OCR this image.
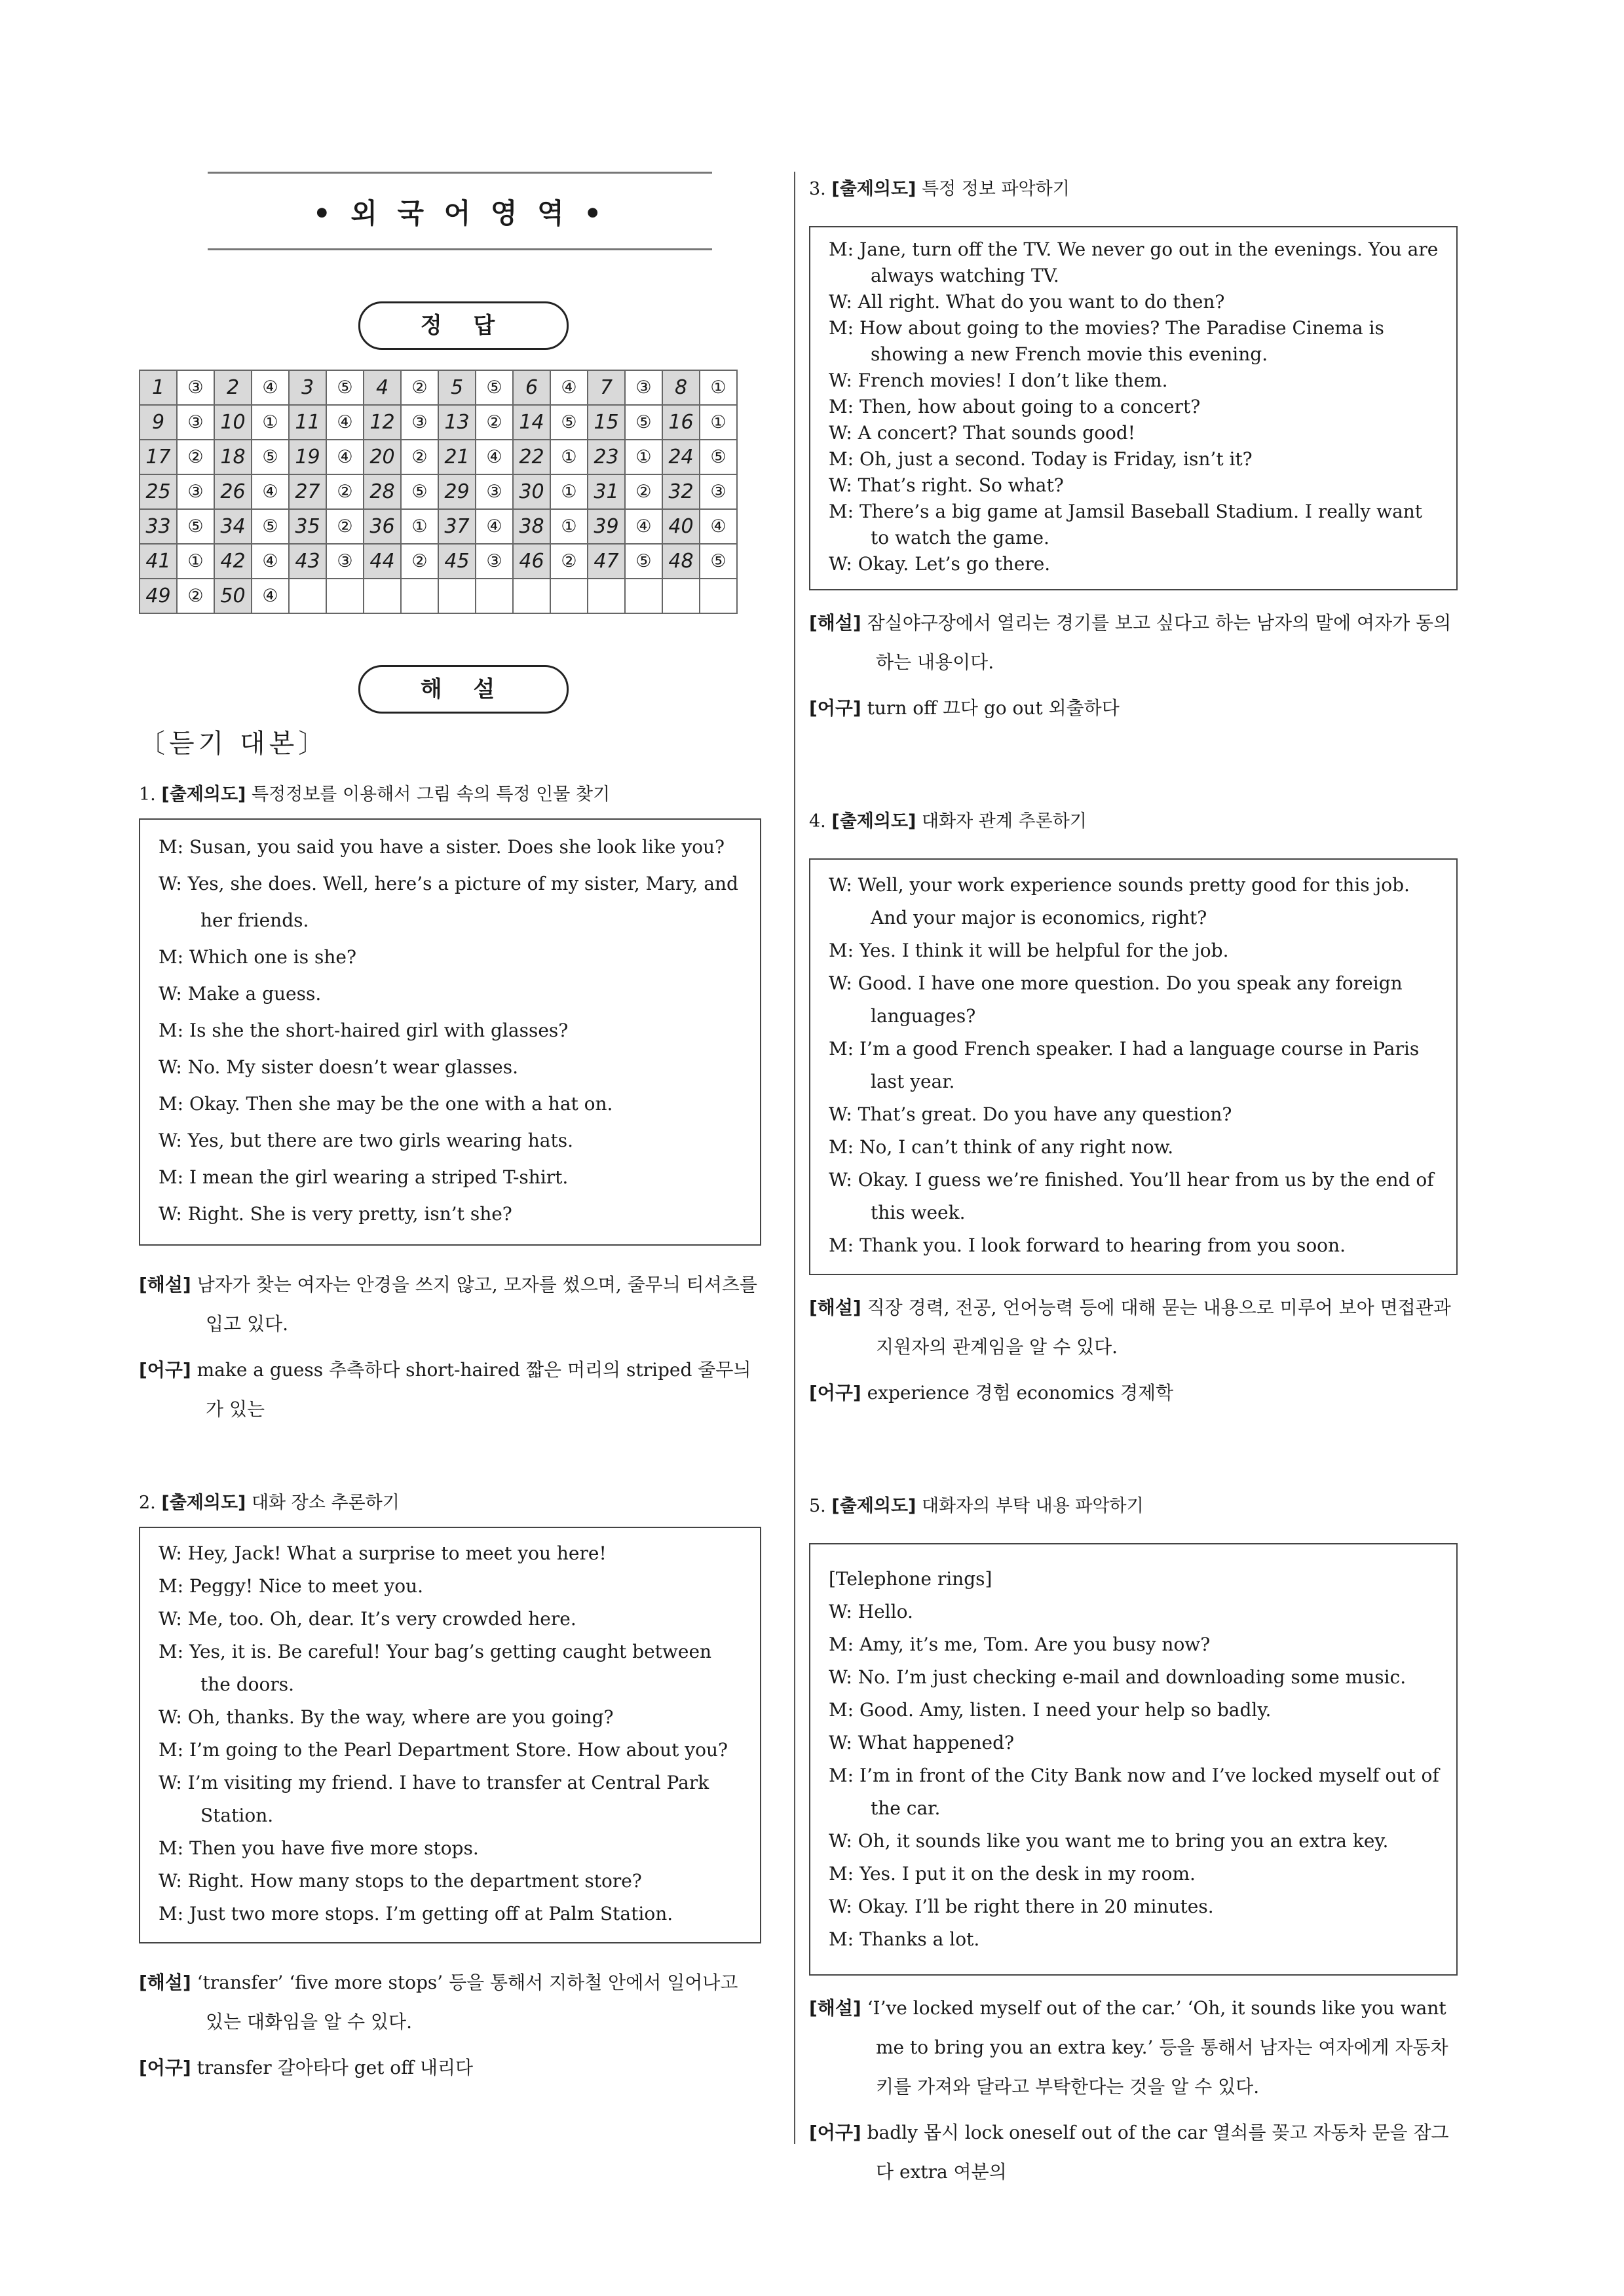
• 외 국 어 영 역 •
정 답
1	③	2	④	3	⑤	4	②	5	⑤	6	④	7	③	8	①
9	③	10	①	11	④	12	③	13	②	14	⑤	15	⑤	16	①
17	②	18	⑤	19	④	20	②	21	④	22	①	23	①	24	⑤
25	③	26	④	27	②	28	⑤	29	③	30	①	31	②	32	③
33	⑤	34	⑤	35	②	36	①	37	④	38	①	39	④	40	④
41	①	42	④	43	③	44	②	45	③	46	②	47	⑤	48	⑤
49	②	50	④												
해 설
〔듣기 대본〕
1. [출제의도] 특정정보를 이용해서 그림 속의 특정 인물 찾기
M: Susan, you said you have a sister. Does she look like you?
W: Yes, she does. Well, here’s a picture of my sister, Mary, and her friends.
M: Which one is she?
W: Make a guess.
M: Is she the short-haired girl with glasses?
W: No. My sister doesn’t wear glasses.
M: Okay. Then she may be the one with a hat on.
W: Yes, but there are two girls wearing hats.
M: I mean the girl wearing a striped T-shirt.
W: Right. She is very pretty, isn’t she?
[해설] 남자가 찾는 여자는 안경을 쓰지 않고, 모자를 썼으며, 줄무늬 티셔츠를 입고 있다.
[어구] make a guess 추측하다 short-haired 짧은 머리의 striped 줄무늬가 있는
2. [출제의도] 대화 장소 추론하기
W: Hey, Jack! What a surprise to meet you here!
M: Peggy! Nice to meet you.
W: Me, too. Oh, dear. It’s very crowded here.
M: Yes, it is. Be careful! Your bag’s getting caught between the doors.
W: Oh, thanks. By the way, where are you going?
M: I’m going to the Pearl Department Store. How about you?
W: I’m visiting my friend. I have to transfer at Central Park Station.
M: Then you have five more stops.
W: Right. How many stops to the department store?
M: Just two more stops. I’m getting off at Palm Station.
[해설] ‘transfer’ ‘five more stops’ 등을 통해서 지하철 안에서 일어나고 있는 대화임을 알 수 있다.
[어구] transfer 갈아타다 get off 내리다
3. [출제의도] 특정 정보 파악하기
M: Jane, turn off the TV. We never go out in the evenings. You are always watching TV.
W: All right. What do you want to do then?
M: How about going to the movies? The Paradise Cinema is showing a new French movie this evening.
W: French movies! I don’t like them.
M: Then, how about going to a concert?
W: A concert? That sounds good!
M: Oh, just a second. Today is Friday, isn’t it?
W: That’s right. So what?
M: There’s a big game at Jamsil Baseball Stadium. I really want to watch the game.
W: Okay. Let’s go there.
[해설] 잠실야구장에서 열리는 경기를 보고 싶다고 하는 남자의 말에 여자가 동의하는 내용이다.
[어구] turn off 끄다 go out 외출하다
4. [출제의도] 대화자 관계 추론하기
W: Well, your work experience sounds pretty good for this job. And your major is economics, right?
M: Yes. I think it will be helpful for the job.
W: Good. I have one more question. Do you speak any foreign languages?
M: I’m a good French speaker. I had a language course in Paris last year.
W: That’s great. Do you have any question?
M: No, I can’t think of any right now.
W: Okay. I guess we’re finished. You’ll hear from us by the end of this week.
M: Thank you. I look forward to hearing from you soon.
[해설] 직장 경력, 전공, 언어능력 등에 대해 묻는 내용으로 미루어 보아 면접관과 지원자의 관계임을 알 수 있다.
[어구] experience 경험 economics 경제학
5. [출제의도] 대화자의 부탁 내용 파악하기
[Telephone rings]
W: Hello.
M: Amy, it’s me, Tom. Are you busy now?
W: No. I’m just checking e-mail and downloading some music.
M: Good. Amy, listen. I need your help so badly.
W: What happened?
M: I’m in front of the City Bank now and I’ve locked myself out of the car.
W: Oh, it sounds like you want me to bring you an extra key.
M: Yes. I put it on the desk in my room.
W: Okay. I’ll be right there in 20 minutes.
M: Thanks a lot.
[해설] ‘I’ve locked myself out of the car.’ ‘Oh, it sounds like you want me to bring you an extra key.’ 등을 통해서 남자는 여자에게 자동차 키를 가져와 달라고 부탁한다는 것을 알 수 있다.
[어구] badly 몹시 lock oneself out of the car 열쇠를 꽂고 자동차 문을 잠그다 extra 여분의
